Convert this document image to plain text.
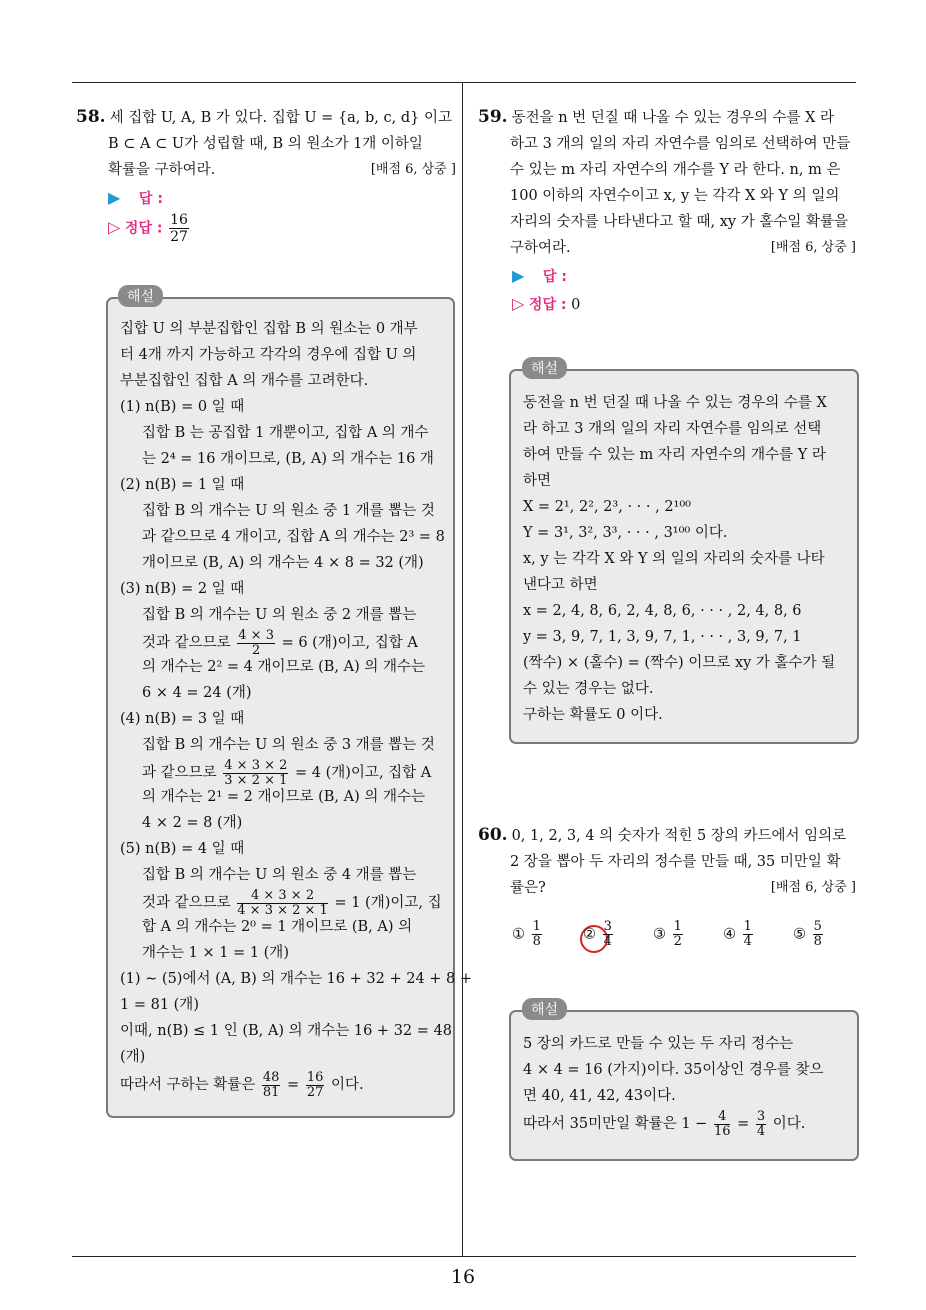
58. 세 집합 U, A, B 가 있다. 집합 U = {a, b, c, d} 이고
B ⊂ A ⊂ U가 성립할 때, B 의 원소가 1개 이하일
확률을 구하여라.	[배점 6, 상중 ]
▶ 답 :
▷ 정답 : $\frac{16}{27}$
집합 U 의 부분집합인 집합 B 의 원소는 0 개부
터 4개 까지 가능하고 각각의 경우에 집합 U 의
부분집합인 집합 A 의 개수를 고려한다.
(1) n(B) = 0 일 때
집합 B 는 공집합 1 개뿐이고, 집합 A 의 개수
는 2⁴ = 16 개이므로, (B, A) 의 개수는 16 개
(2) n(B) = 1 일 때
집합 B 의 개수는 U 의 원소 중 1 개를 뽑는 것
과 같으므로 4 개이고, 집합 A 의 개수는 2³ = 8
개이므로 (B, A) 의 개수는 4 × 8 = 32 (개)
(3) n(B) = 2 일 때
집합 B 의 개수는 U 의 원소 중 2 개를 뽑는
것과 같으므로 $\frac{4 \times 3}{2} = 6$ (개)이고, 집합 A
의 개수는 2² = 4 개이므로 (B, A) 의 개수는
6 × 4 = 24 (개)
(4) n(B) = 3 일 때
집합 B 의 개수는 U 의 원소 중 3 개를 뽑는 것
과 같으므로 $\frac{4 \times 3 \times 2}{3 \times 2 \times 1} = 4$ (개)이고, 집합 A
의 개수는 2¹ = 2 개이므로 (B, A) 의 개수는
4 × 2 = 8 (개)
(5) n(B) = 4 일 때
집합 B 의 개수는 U 의 원소 중 4 개를 뽑는
것과 같으므로 $\frac{4 \times 3 \times 2}{4 \times 3 \times 2 \times 1} = 1$ (개)이고, 집
합 A 의 개수는 2⁰ = 1 개이므로 (B, A) 의
개수는 1 × 1 = 1 (개)
(1) ∼ (5)에서 (A, B) 의 개수는 16 + 32 + 24 + 8 +
1 = 81 (개)
이때, n(B) ≤ 1 인 (B, A) 의 개수는 16 + 32 = 48
(개)
따라서 구하는 확률은 $\frac{48}{81} = \frac{16}{27}$ 이다.
해설
59. 동전을 n 번 던질 때 나올 수 있는 경우의 수를 X 라
하고 3 개의 일의 자리 자연수를 임의로 선택하여 만들
수 있는 m 자리 자연수의 개수를 Y 라 한다. n, m 은
100 이하의 자연수이고 x, y 는 각각 X 와 Y 의 일의
자리의 숫자를 나타낸다고 할 때, xy 가 홀수일 확률을
구하여라.	[배점 6, 상중 ]
▶ 답 :
▷ 정답 : 0
동전을 n 번 던질 때 나올 수 있는 경우의 수를 X
라 하고 3 개의 일의 자리 자연수를 임의로 선택
하여 만들 수 있는 m 자리 자연수의 개수를 Y 라
하면
X = 2¹, 2², 2³, · · · , 2¹⁰⁰
Y = 3¹, 3², 3³, · · · , 3¹⁰⁰ 이다.
x, y 는 각각 X 와 Y 의 일의 자리의 숫자를 나타
낸다고 하면
x = 2, 4, 8, 6, 2, 4, 8, 6, · · · , 2, 4, 8, 6
y = 3, 9, 7, 1, 3, 9, 7, 1, · · · , 3, 9, 7, 1
(짝수) × (홀수) = (짝수) 이므로 xy 가 홀수가 될
수 있는 경우는 없다.
구하는 확률도 0 이다.
해설
60. 0, 1, 2, 3, 4 의 숫자가 적힌 5 장의 카드에서 임의로
2 장을 뽑아 두 자리의 정수를 만들 때, 35 미만일 확
률은?	[배점 6, 상중 ]
① $\frac{1}{8}$	② $\frac{3}{4}$	③ $\frac{1}{2}$	④ $\frac{1}{4}$	⑤ $\frac{5}{8}$
5 장의 카드로 만들 수 있는 두 자리 정수는
4 × 4 = 16 (가지)이다. 35이상인 경우를 찾으
면 40, 41, 42, 43이다.
따라서 35미만일 확률은 $1 - \frac{4}{16} = \frac{3}{4}$ 이다.
해설
16
